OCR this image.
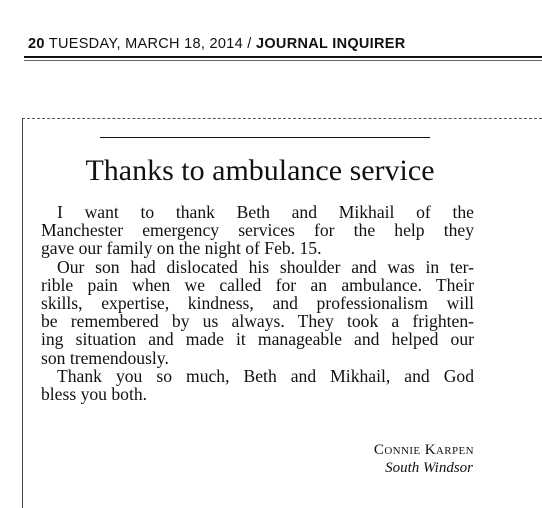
20 TUESDAY, MARCH 18, 2014 / JOURNAL INQUIRER
Thanks to ambulance service
I want to thank Beth and Mikhail of the
Manchester emergency services for the help they
gave our family on the night of Feb. 15.
Our son had dislocated his shoulder and was in ter-
rible pain when we called for an ambulance. Their
skills, expertise, kindness, and professionalism will
be remembered by us always. They took a frighten-
ing situation and made it manageable and helped our
son tremendously.
Thank you so much, Beth and Mikhail, and God
bless you both.
Connie Karpen
South Windsor
